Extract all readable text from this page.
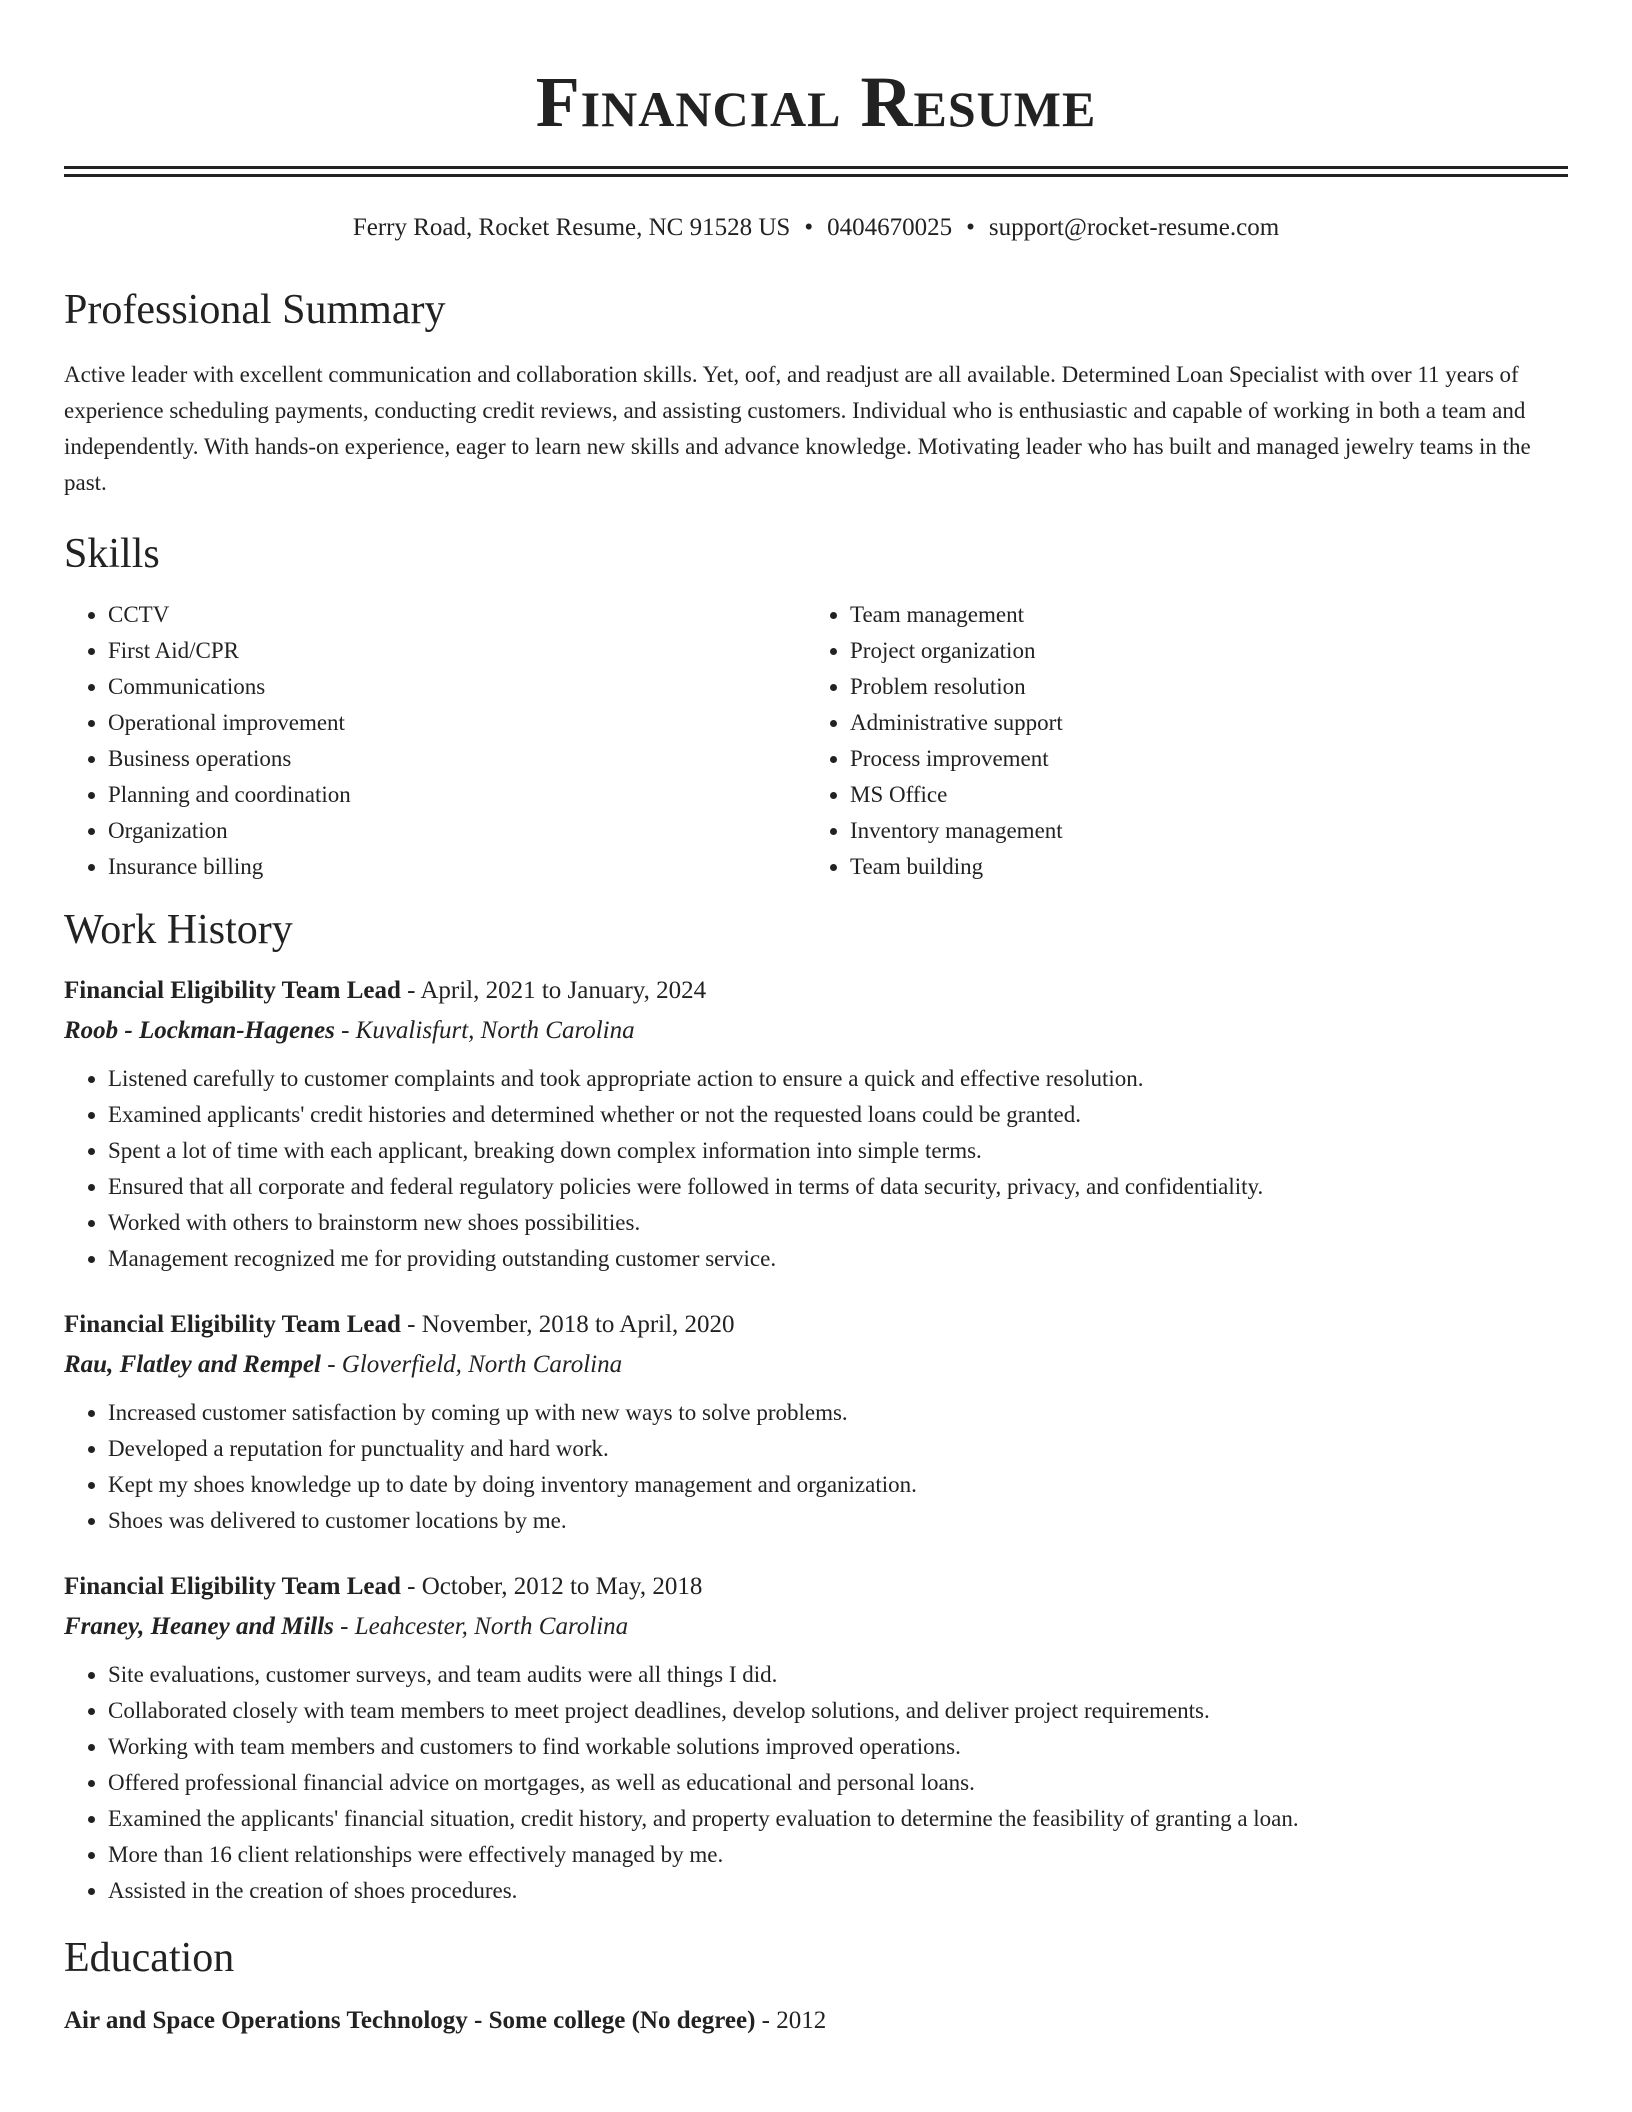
Financial Resume
Ferry Road, Rocket Resume, NC 91528 US • 0404670025 • support@rocket-resume.com
Professional Summary

Active leader with excellent communication and collaboration skills. Yet, oof, and readjust are all available. Determined Loan Specialist with over 11 years of experience scheduling payments, conducting credit reviews, and assisting customers. Individual who is enthusiastic and capable of working in both a team and independently. With hands-on experience, eager to learn new skills and advance knowledge. Motivating leader who has built and managed jewelry teams in the past.

Skills
• CCTV
• First Aid/CPR
• Communications
• Operational improvement
• Business operations
• Planning and coordination
• Organization
• Insurance billing
• Team management
• Project organization
• Problem resolution
• Administrative support
• Process improvement
• MS Office
• Inventory management
• Team building
Work History
Financial Eligibility Team Lead - April, 2021 to January, 2024
Roob - Lockman-Hagenes - Kuvalisfurt, North Carolina
• Listened carefully to customer complaints and took appropriate action to ensure a quick and effective resolution.
• Examined applicants' credit histories and determined whether or not the requested loans could be granted.
• Spent a lot of time with each applicant, breaking down complex information into simple terms.
• Ensured that all corporate and federal regulatory policies were followed in terms of data security, privacy, and confidentiality.
• Worked with others to brainstorm new shoes possibilities.
• Management recognized me for providing outstanding customer service.
Financial Eligibility Team Lead - November, 2018 to April, 2020
Rau, Flatley and Rempel - Gloverfield, North Carolina
• Increased customer satisfaction by coming up with new ways to solve problems.
• Developed a reputation for punctuality and hard work.
• Kept my shoes knowledge up to date by doing inventory management and organization.
• Shoes was delivered to customer locations by me.
Financial Eligibility Team Lead - October, 2012 to May, 2018
Franey, Heaney and Mills - Leahcester, North Carolina
• Site evaluations, customer surveys, and team audits were all things I did.
• Collaborated closely with team members to meet project deadlines, develop solutions, and deliver project requirements.
• Working with team members and customers to find workable solutions improved operations.
• Offered professional financial advice on mortgages, as well as educational and personal loans.
• Examined the applicants' financial situation, credit history, and property evaluation to determine the feasibility of granting a loan.
• More than 16 client relationships were effectively managed by me.
• Assisted in the creation of shoes procedures.
Education
Air and Space Operations Technology - Some college (No degree) - 2012
